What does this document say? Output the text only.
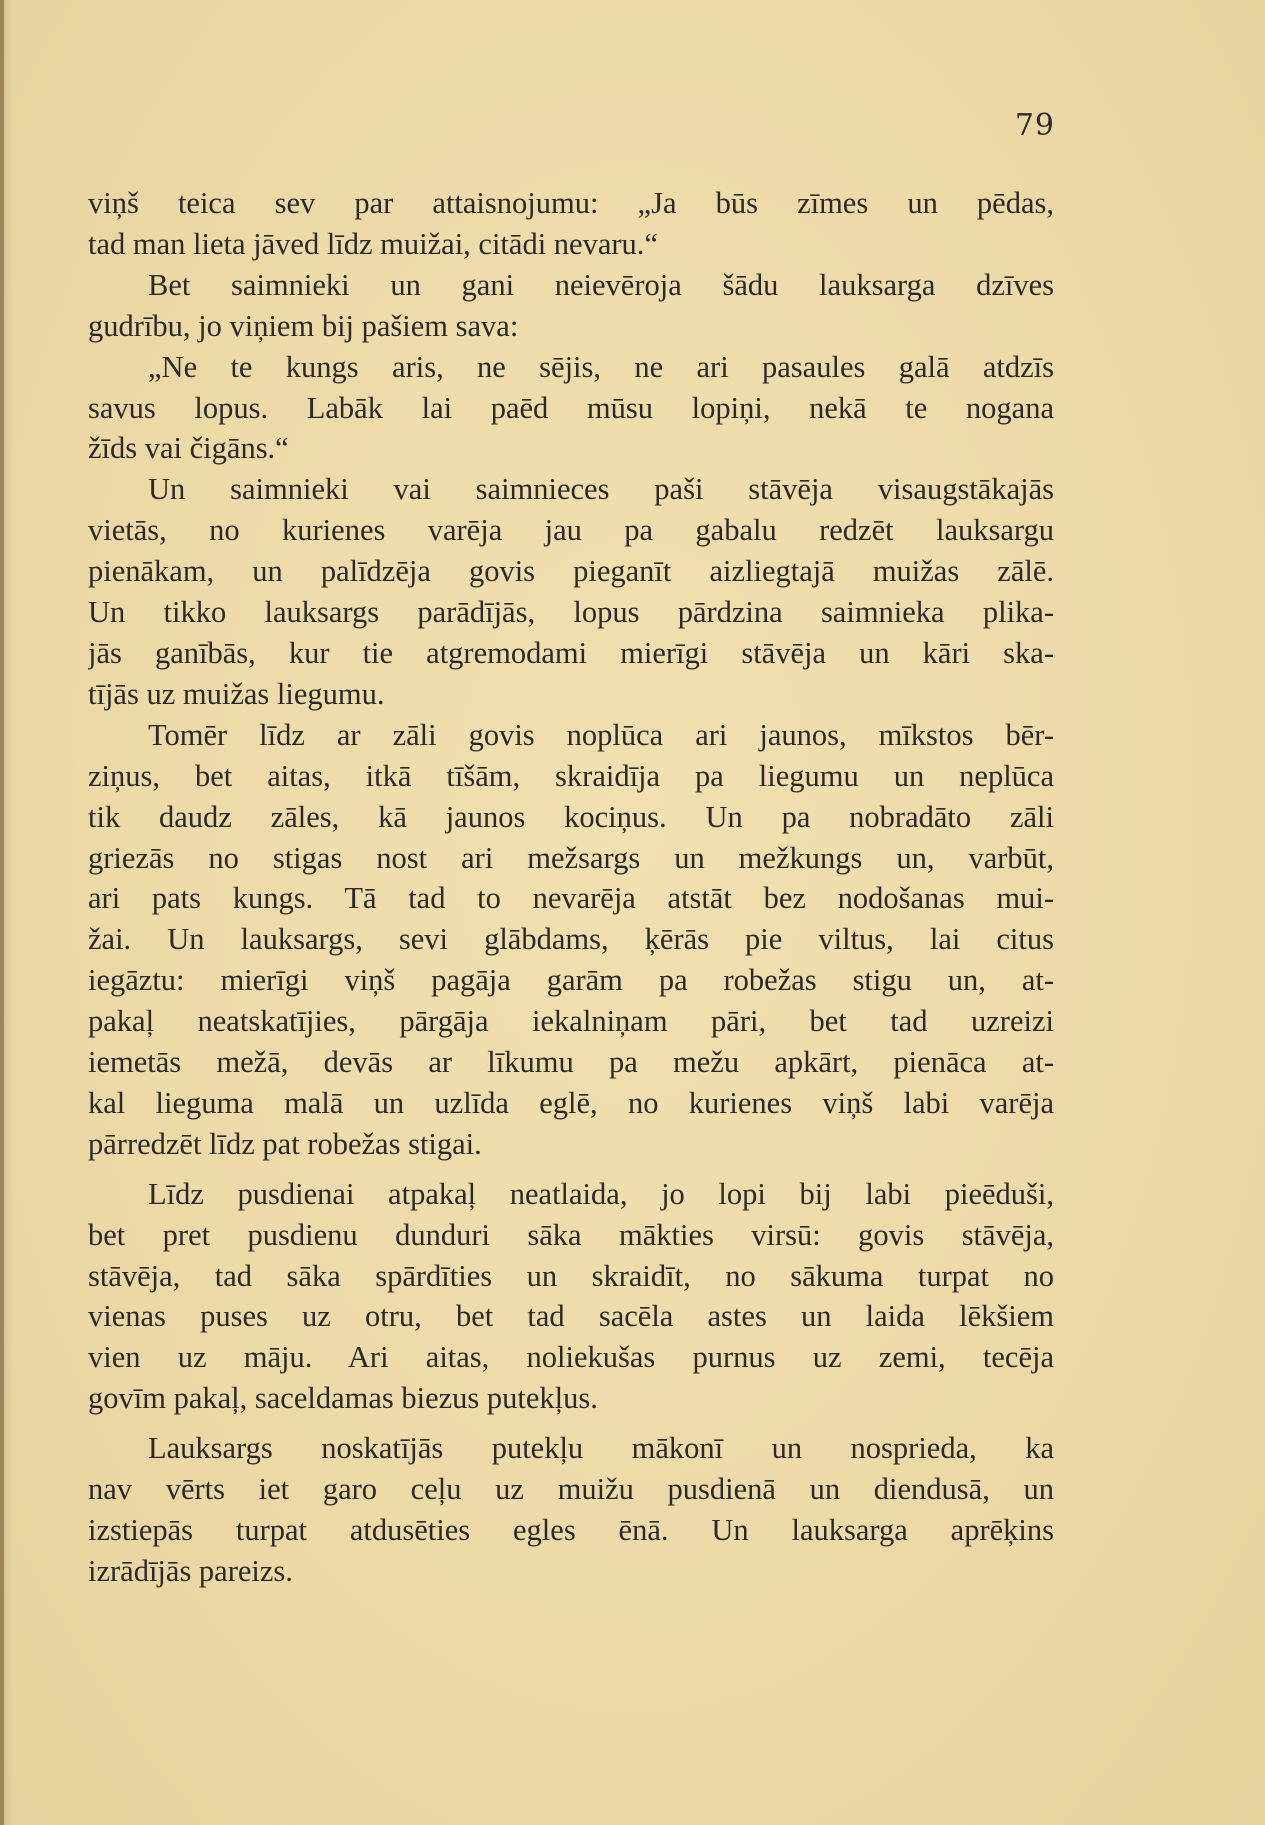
79
viņš teica sev par attaisnojumu: „Ja būs zīmes un pēdas,
tad man lieta jāved līdz muižai, citādi nevaru.“
Bet saimnieki un gani neievēroja šādu lauksarga dzīves
gudrību, jo viņiem bij pašiem sava:
„Ne te kungs aris, ne sējis, ne ari pasaules galā atdzīs
savus lopus. Labāk lai paēd mūsu lopiņi, nekā te nogana
žīds vai čigāns.“
Un saimnieki vai saimnieces paši stāvēja visaugstākajās
vietās, no kurienes varēja jau pa gabalu redzēt lauksargu
pienākam, un palīdzēja govis pieganīt aizliegtajā muižas zālē.
Un tikko lauksargs parādījās, lopus pārdzina saimnieka plika-
jās ganībās, kur tie atgremodami mierīgi stāvēja un kāri ska-
tījās uz muižas liegumu.
Tomēr līdz ar zāli govis noplūca ari jaunos, mīkstos bēr-
ziņus, bet aitas, itkā tīšām, skraidīja pa liegumu un neplūca
tik daudz zāles, kā jaunos kociņus. Un pa nobradāto zāli
griezās no stigas nost ari mežsargs un mežkungs un, varbūt,
ari pats kungs. Tā tad to nevarēja atstāt bez nodošanas mui-
žai. Un lauksargs, sevi glābdams, ķērās pie viltus, lai citus
iegāztu: mierīgi viņš pagāja garām pa robežas stigu un, at-
pakaļ neatskatījies, pārgāja iekalniņam pāri, bet tad uzreizi
iemetās mežā, devās ar līkumu pa mežu apkārt, pienāca at-
kal lieguma malā un uzlīda eglē, no kurienes viņš labi varēja
pārredzēt līdz pat robežas stigai.
Līdz pusdienai atpakaļ neatlaida, jo lopi bij labi pieēduši,
bet pret pusdienu dunduri sāka mākties virsū: govis stāvēja,
stāvēja, tad sāka spārdīties un skraidīt, no sākuma turpat no
vienas puses uz otru, bet tad sacēla astes un laida lēkšiem
vien uz māju. Ari aitas, noliekušas purnus uz zemi, tecēja
govīm pakaļ, saceldamas biezus putekļus.
Lauksargs noskatījās putekļu mākonī un nosprieda, ka
nav vērts iet garo ceļu uz muižu pusdienā un diendusā, un
izstiepās turpat atdusēties egles ēnā. Un lauksarga aprēķins
izrādījās pareizs.
